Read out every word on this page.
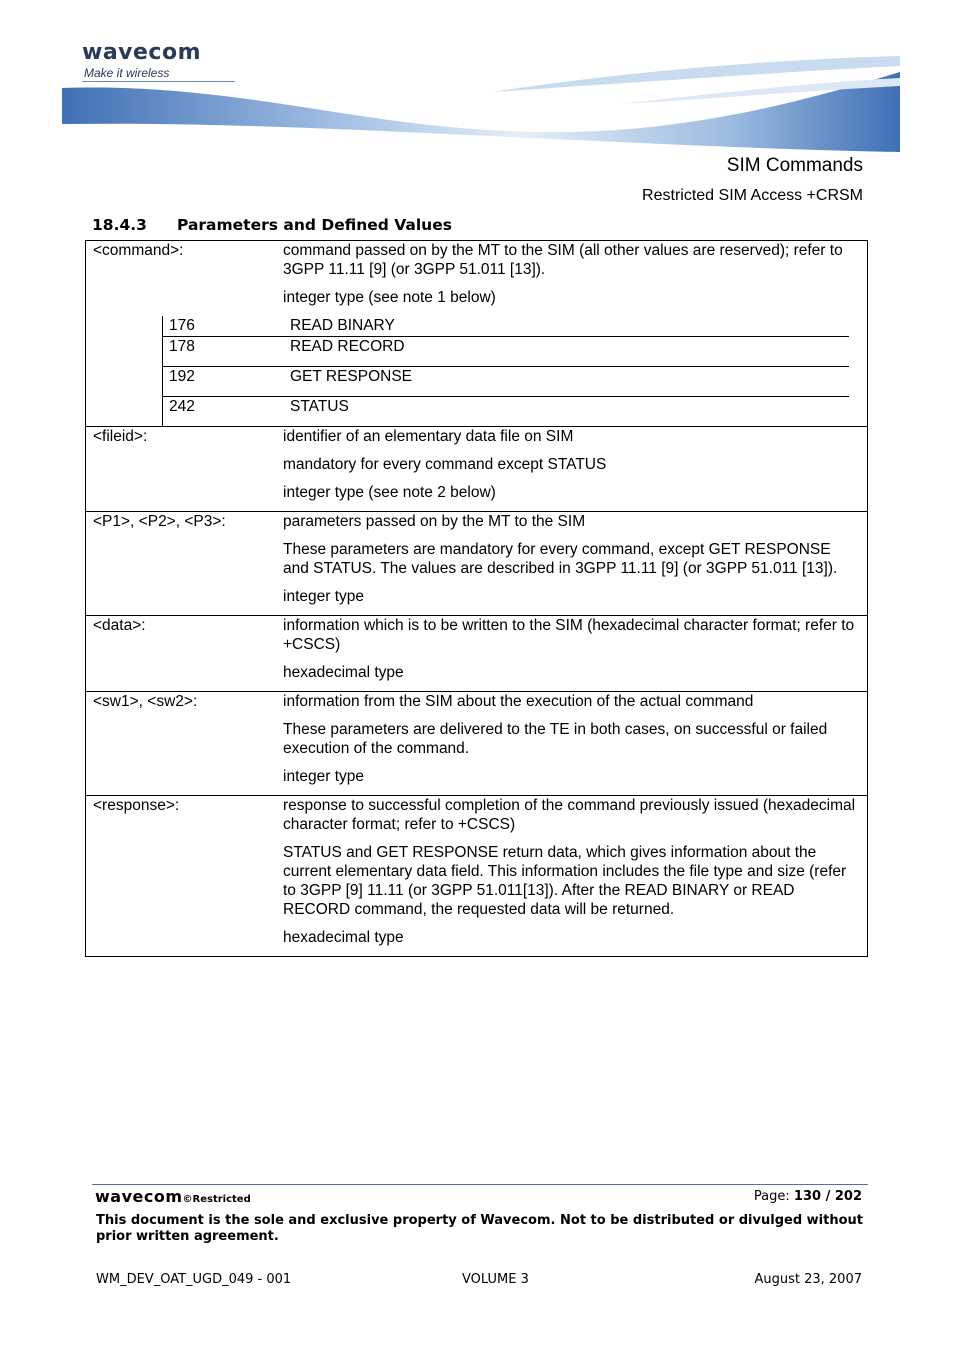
wavecom
Make it wireless
SIM Commands
Restricted SIM Access +CRSM
18.4.3 Parameters and Defined Values
<command>:	command passed on by the MT to the SIM (all other values are reserved); refer to 3GPP 11.11 [9] (or 3GPP 51.011 [13]).

integer type (see note 1 below)

176	READ BINARY
178	READ RECORD
192	GET RESPONSE
242	STATUS
<fileid>:	identifier of an elementary data file on SIM

mandatory for every command except STATUS

integer type (see note 2 below)

<P1>, <P2>, <P3>:	parameters passed on by the MT to the SIM

These parameters are mandatory for every command, except GET RESPONSE and STATUS. The values are described in 3GPP 11.11 [9] (or 3GPP 51.011 [13]).

integer type

<data>:	information which is to be written to the SIM (hexadecimal character format; refer to +CSCS)

hexadecimal type

<sw1>, <sw2>:	information from the SIM about the execution of the actual command

These parameters are delivered to the TE in both cases, on successful or failed execution of the command.

integer type

<response>:	response to successful completion of the command previously issued (hexadecimal character format; refer to +CSCS)

STATUS and GET RESPONSE return data, which gives information about the current elementary data field. This information includes the file type and size (refer to 3GPP [9] 11.11 (or 3GPP 51.011[13]). After the READ BINARY or READ RECORD command, the requested data will be returned.

hexadecimal type

wavecom©Restricted	Page: 130 / 202
This document is the sole and exclusive property of Wavecom. Not to be distributed or divulged without prior written agreement.
WM_DEV_OAT_UGD_049 - 001	VOLUME 3	August 23, 2007
